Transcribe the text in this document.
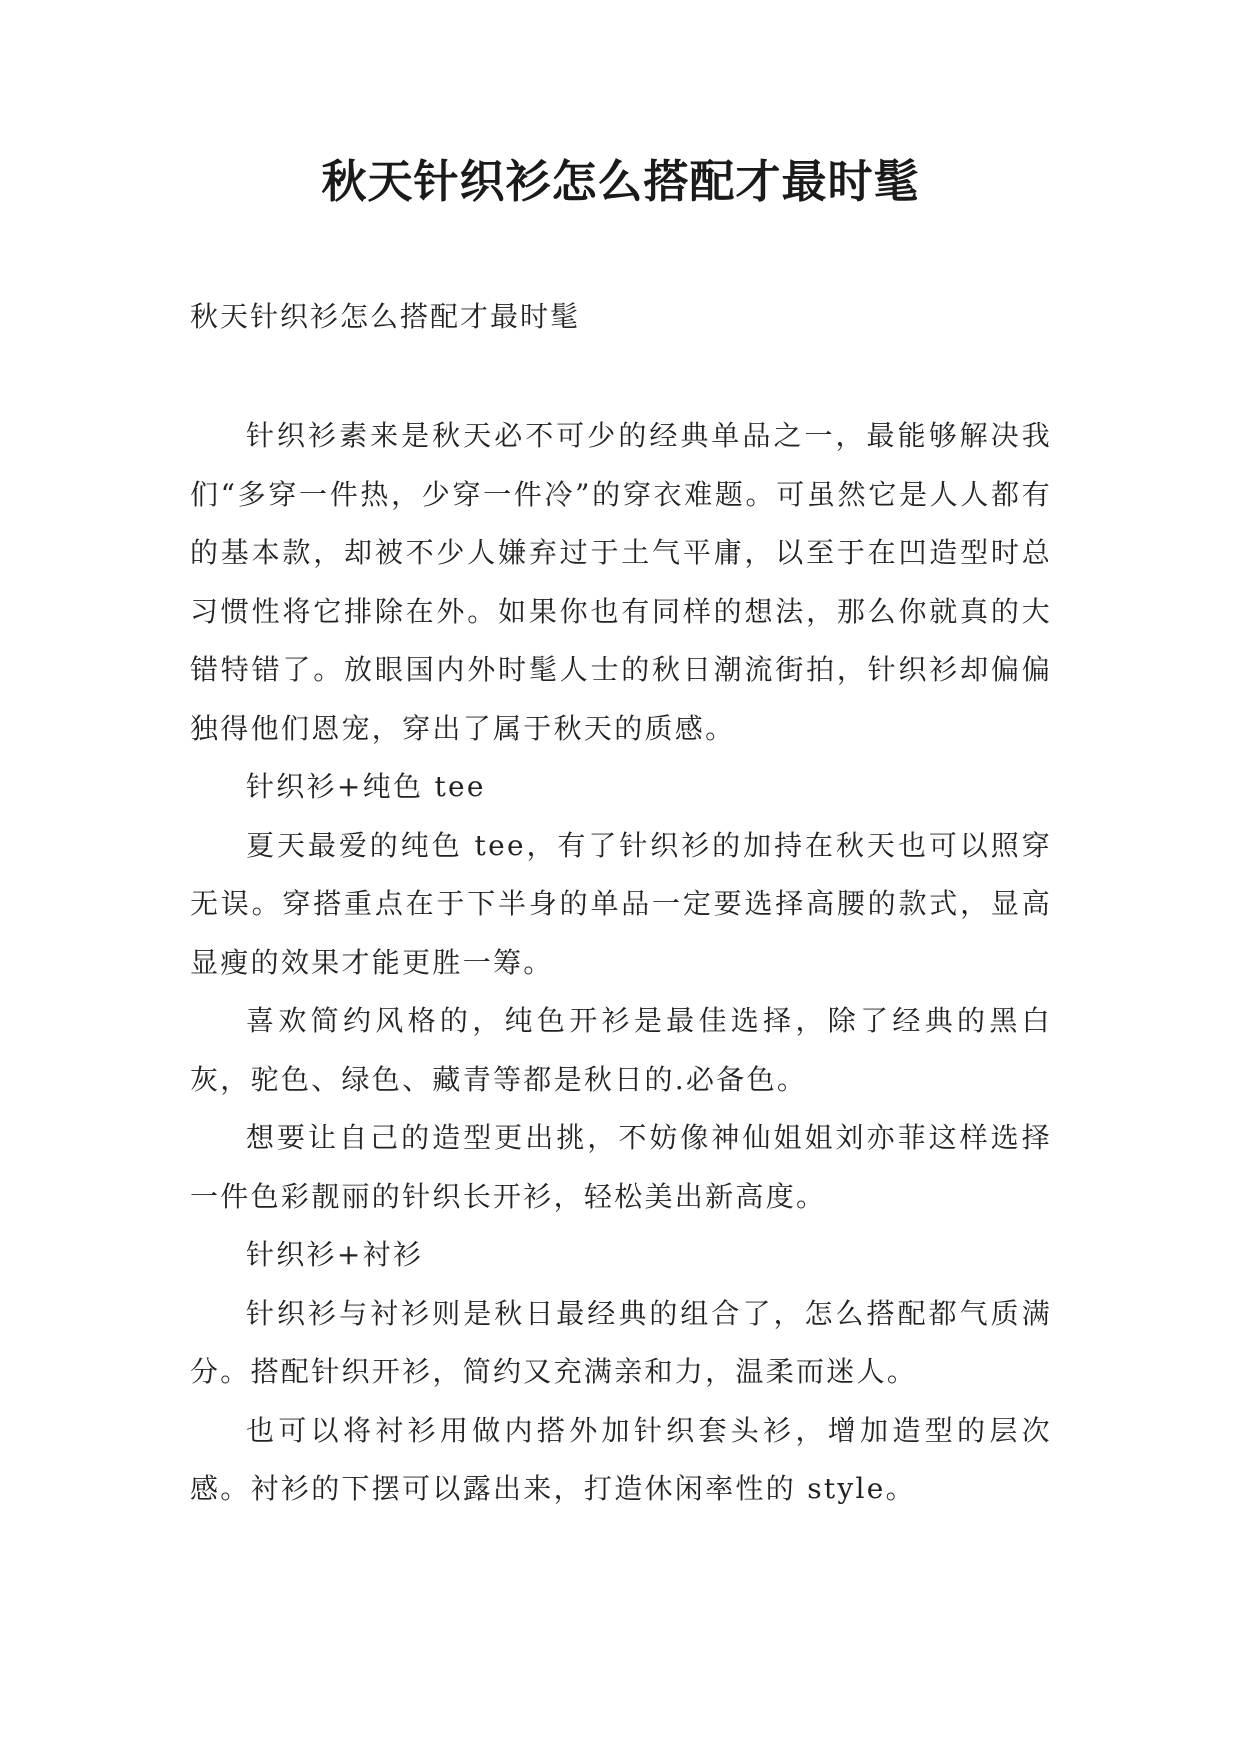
秋天针织衫怎么搭配才最时髦

秋天针织衫怎么搭配才最时髦

针织衫素来是秋天必不可少的经典单品之一，最能够解决我们“多穿一件热，少穿一件冷”的穿衣难题。可虽然它是人人都有的基本款，却被不少人嫌弃过于土气平庸，以至于在凹造型时总习惯性将它排除在外。如果你也有同样的想法，那么你就真的大错特错了。放眼国内外时髦人士的秋日潮流街拍，针织衫却偏偏独得他们恩宠，穿出了属于秋天的质感。

针织衫+纯色 tee

夏天最爱的纯色 tee，有了针织衫的加持在秋天也可以照穿无误。穿搭重点在于下半身的单品一定要选择高腰的款式，显高显瘦的效果才能更胜一筹。

喜欢简约风格的，纯色开衫是最佳选择，除了经典的黑白灰，驼色、绿色、藏青等都是秋日的.必备色。

想要让自己的造型更出挑，不妨像神仙姐姐刘亦菲这样选择一件色彩靓丽的针织长开衫，轻松美出新高度。

针织衫+衬衫

针织衫与衬衫则是秋日最经典的组合了，怎么搭配都气质满分。搭配针织开衫，简约又充满亲和力，温柔而迷人。

也可以将衬衫用做内搭外加针织套头衫，增加造型的层次感。衬衫的下摆可以露出来，打造休闲率性的 style。
